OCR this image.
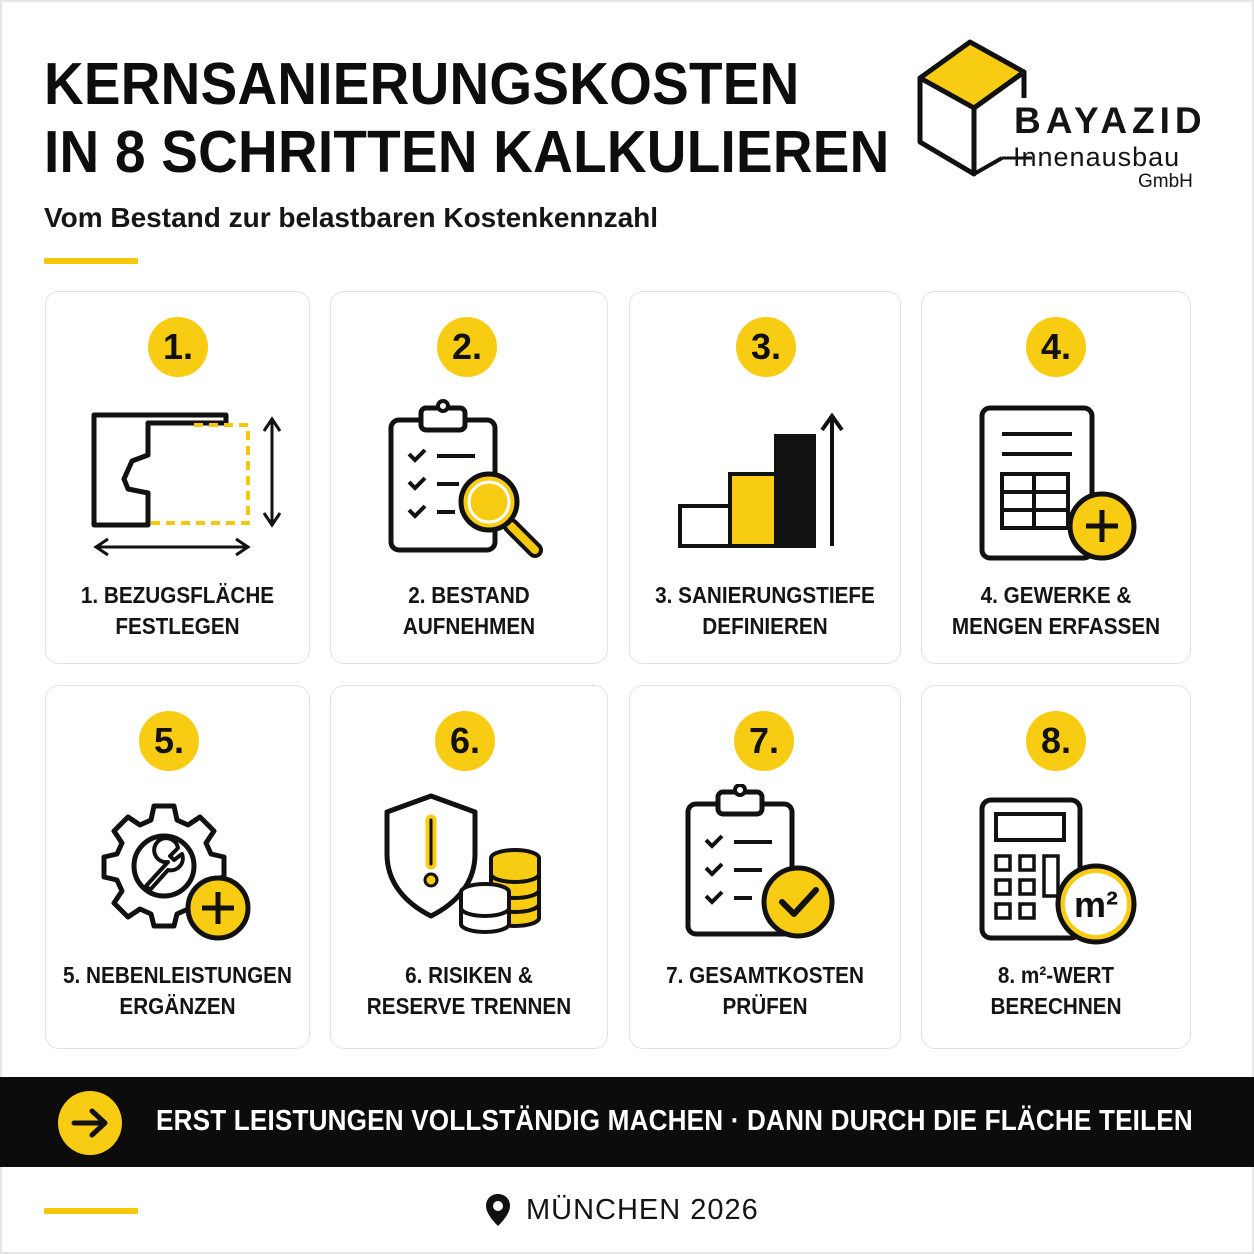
KERNSANIERUNGSKOSTEN
IN 8 SCHRITTEN KALKULIEREN
Vom Bestand zur belastbaren Kostenkennzahl
BAYAZID
Innenausbau
GmbH
1.
1. BEZUGSFLÄCHE
FESTLEGEN
2.
2. BESTAND
AUFNEHMEN
3.
3. SANIERUNGSTIEFE
DEFINIEREN
4.
4. GEWERKE &
MENGEN ERFASSEN
5.
5. NEBENLEISTUNGEN
ERGÄNZEN
6.
6. RISIKEN &
RESERVE TRENNEN
7.
7. GESAMTKOSTEN
PRÜFEN
8.
m²
8. m²-WERT
BERECHNEN
ERST LEISTUNGEN VOLLSTÄNDIG MACHEN · DANN DURCH DIE FLÄCHE TEILEN
MÜNCHEN 2026
